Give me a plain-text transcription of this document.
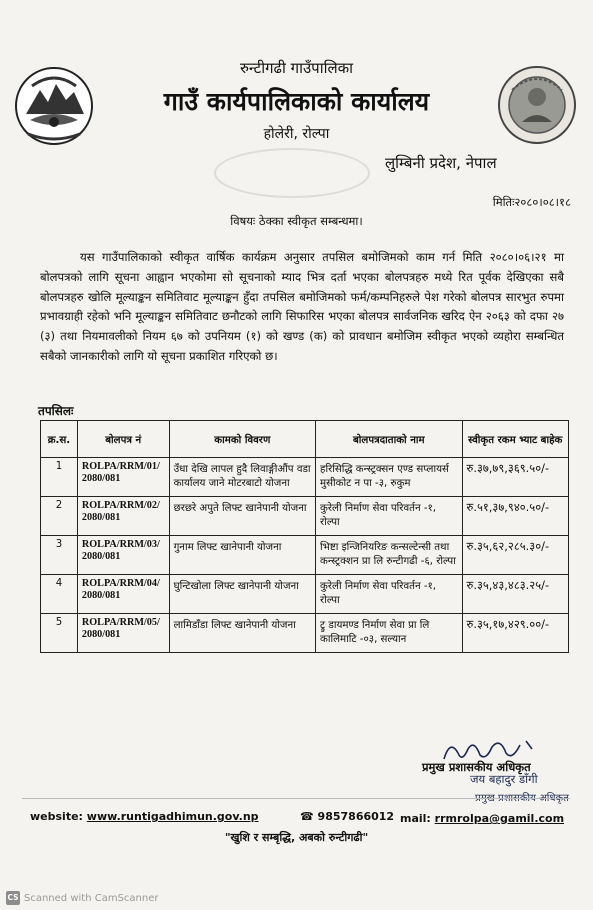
रुन्टीगढी गाउँपालिका
गाउँ कार्यपालिकाको कार्यालय
होलेरी, रोल्पा
लुम्बिनी प्रदेश, नेपाल
मितिः२०८०।०८।१८
विषयः ठेक्का स्वीकृत सम्बन्धमा।
यस गाउँपालिकाको स्वीकृत वार्षिक कार्यक्रम अनुसार तपसिल बमोजिमको काम गर्न मिति २०८०।०६।२१ मा बोलपत्रको लागि सूचना आह्वान भएकोमा सो सूचनाको म्याद भित्र दर्ता भएका बोलपत्रहरु मध्ये रित पूर्वक देखिएका सबै बोलपत्रहरु खोलि मूल्याङ्कन समितिवाट मूल्याङ्कन हुँदा तपसिल बमोजिमको फर्म/कम्पनिहरुले पेश गरेको बोलपत्र सारभुत रुपमा प्रभावग्राही रहेको भनि मूल्याङ्कन समितिवाट छनौटको लागि सिफारिस भएका बोलपत्र सार्वजनिक खरिद ऐन २०६३ को दफा २७ (३) तथा नियमावलीको नियम ६७ को उपनियम (१) को खण्ड (क) को प्रावधान बमोजिम स्वीकृत भएको व्यहोरा सम्बन्धित सबैको जानकारीको लागि यो सूचना प्रकाशित गरिएको छ।
तपसिलः
क्र.स.	बोलपत्र नं	कामको विवरण	बोलपत्रदाताको नाम	स्वीकृत रकम भ्याट बाहेक
1	ROLPA/RRM/01/ 2080/081	उँधा देखि लापल हुदै लिवाङ्गीऔंप वडा कार्यालय जाने मोटरबाटो योजना	हरिसिद्धि कन्स्ट्रक्सन एण्ड सप्लायर्स मुसीकोट न पा -३, रुकुम	रु.३७,७९,३६९.५०/-
2	ROLPA/RRM/02/ 2080/081	छरछरे अपुते लिफ्ट खानेपानी योजना	कुरेली निर्माण सेवा परिवर्तन -१, रोल्पा	रु.५१,३७,९४०.५०/-
3	ROLPA/RRM/03/ 2080/081	गुनाम लिफ्ट खानेपानी योजना	भिष्टा इन्जिनियरिङ कन्सल्टेन्सी तथा कन्स्ट्रक्शन प्रा लि रुन्टीगढी -६, रोल्पा	रु.३५,६२,२८५.३०/-
4	ROLPA/RRM/04/ 2080/081	घुन्टिखोला लिफ्ट खानेपानी योजना	कुरेली निर्माण सेवा परिवर्तन -१, रोल्पा	रु.३५,४३,४८३.२५/-
5	ROLPA/RRM/05/ 2080/081	लामिडाँडा लिफ्ट खानेपानी योजना	ट्रु डायमण्ड निर्माण सेवा प्रा लि कालिमाटि -०३, सल्यान	रु.३५,१७,४२९.००/-
प्रमुख प्रशासकीय अधिकृत
जय बहादुर डाँगी
प्रमुख प्रशासकीय अधिकृत
website: www.runtigadhimun.gov.np	☎ 9857866012 mail: rrmrolpa@gamil.com
"खुशि र सम्बृद्धि, अबको रुन्टीगढी"
CS Scanned with CamScanner
